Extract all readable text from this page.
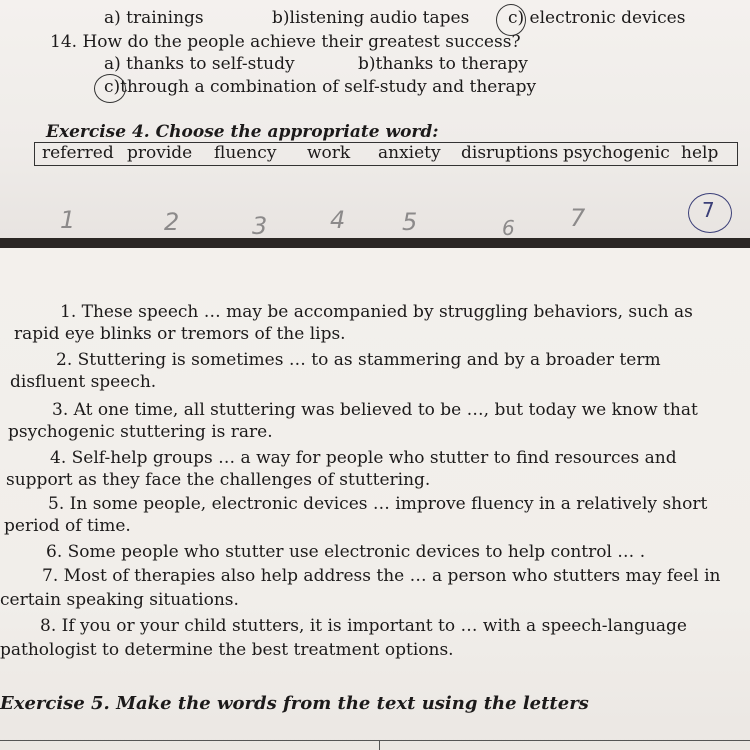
a) trainings	b)listening audio tapes c) electronic devices
14. How do the people achieve their greatest success?
a) thanks to self-study	b)thanks to therapy
c)through a combination of self-study and therapy
Exercise 4. Choose the appropriate word:
referred provide fluency work anxiety disruptions psychogenic help
1	2	3	4 5	6 7	7
1. These speech … may be accompanied by struggling behaviors, such as
rapid eye blinks or tremors of the lips.
2. Stuttering is sometimes … to as stammering and by a broader term
disfluent speech.
3. At one time, all stuttering was believed to be …, but today we know that
psychogenic stuttering is rare.
4. Self-help groups … a way for people who stutter to find resources and
support as they face the challenges of stuttering.
5. In some people, electronic devices … improve fluency in a relatively short
period of time.
6. Some people who stutter use electronic devices to help control … .
7. Most of therapies also help address the … a person who stutters may feel in
certain speaking situations.
8. If you or your child stutters, it is important to … with a speech-language
pathologist to determine the best treatment options.
Exercise 5. Make the words from the text using the letters
